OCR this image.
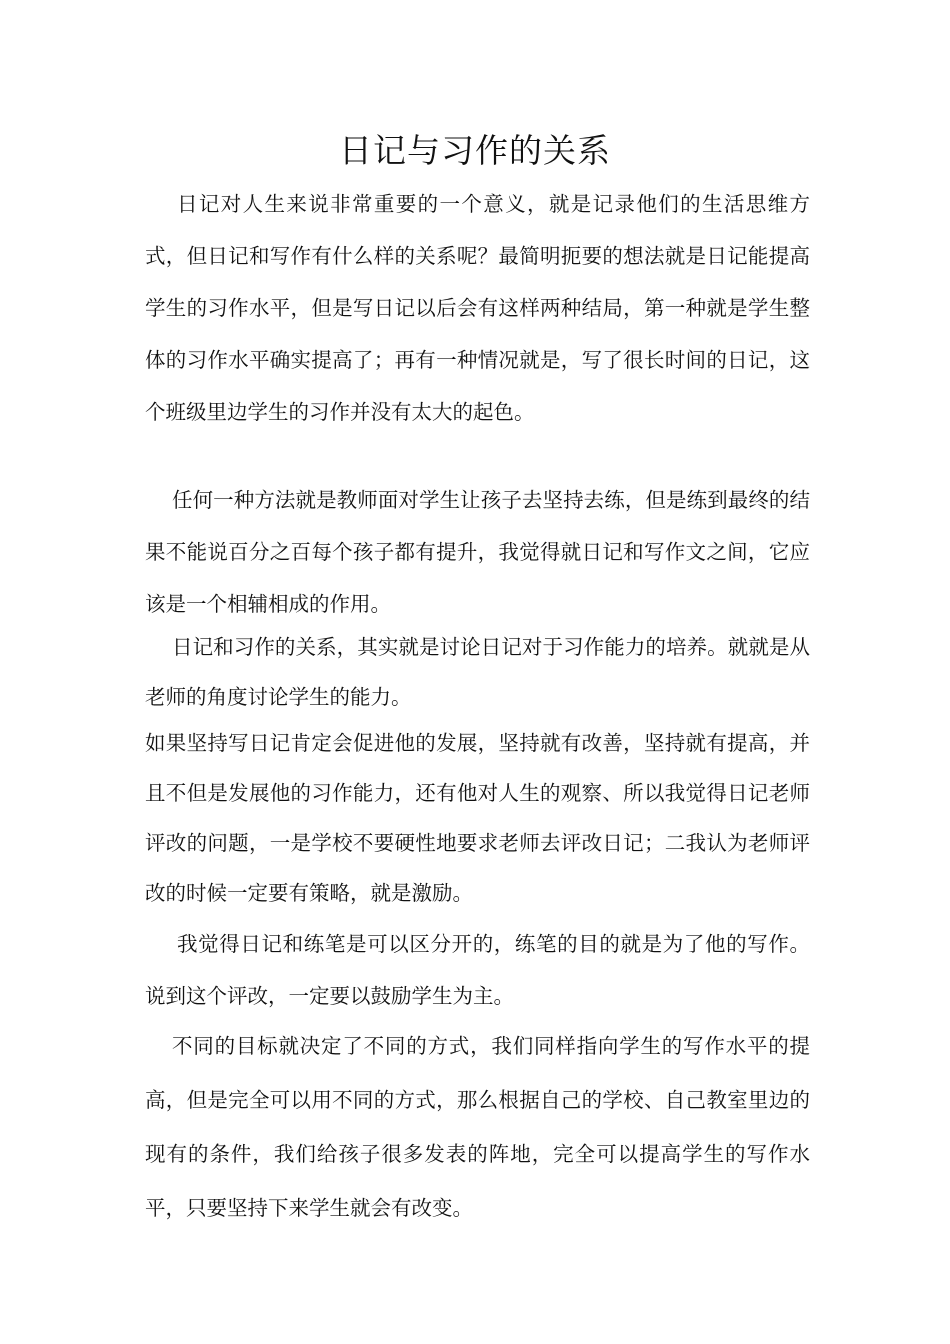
日记与习作的关系

日记对人生来说非常重要的一个意义，就是记录他们的生活思维方式，但日记和写作有什么样的关系呢？最简明扼要的想法就是日记能提高学生的习作水平，但是写日记以后会有这样两种结局，第一种就是学生整体的习作水平确实提高了；再有一种情况就是，写了很长时间的日记，这个班级里边学生的习作并没有太大的起色。

任何一种方法就是教师面对学生让孩子去坚持去练，但是练到最终的结果不能说百分之百每个孩子都有提升，我觉得就日记和写作文之间，它应该是一个相辅相成的作用。

日记和习作的关系，其实就是讨论日记对于习作能力的培养。就就是从老师的角度讨论学生的能力。

如果坚持写日记肯定会促进他的发展，坚持就有改善，坚持就有提高，并且不但是发展他的习作能力，还有他对人生的观察、所以我觉得日记老师评改的问题，一是学校不要硬性地要求老师去评改日记；二我认为老师评改的时候一定要有策略，就是激励。

我觉得日记和练笔是可以区分开的，练笔的目的就是为了他的写作。说到这个评改，一定要以鼓励学生为主。

不同的目标就决定了不同的方式，我们同样指向学生的写作水平的提高，但是完全可以用不同的方式，那么根据自己的学校、自己教室里边的现有的条件，我们给孩子很多发表的阵地，完全可以提高学生的写作水平，只要坚持下来学生就会有改变。
